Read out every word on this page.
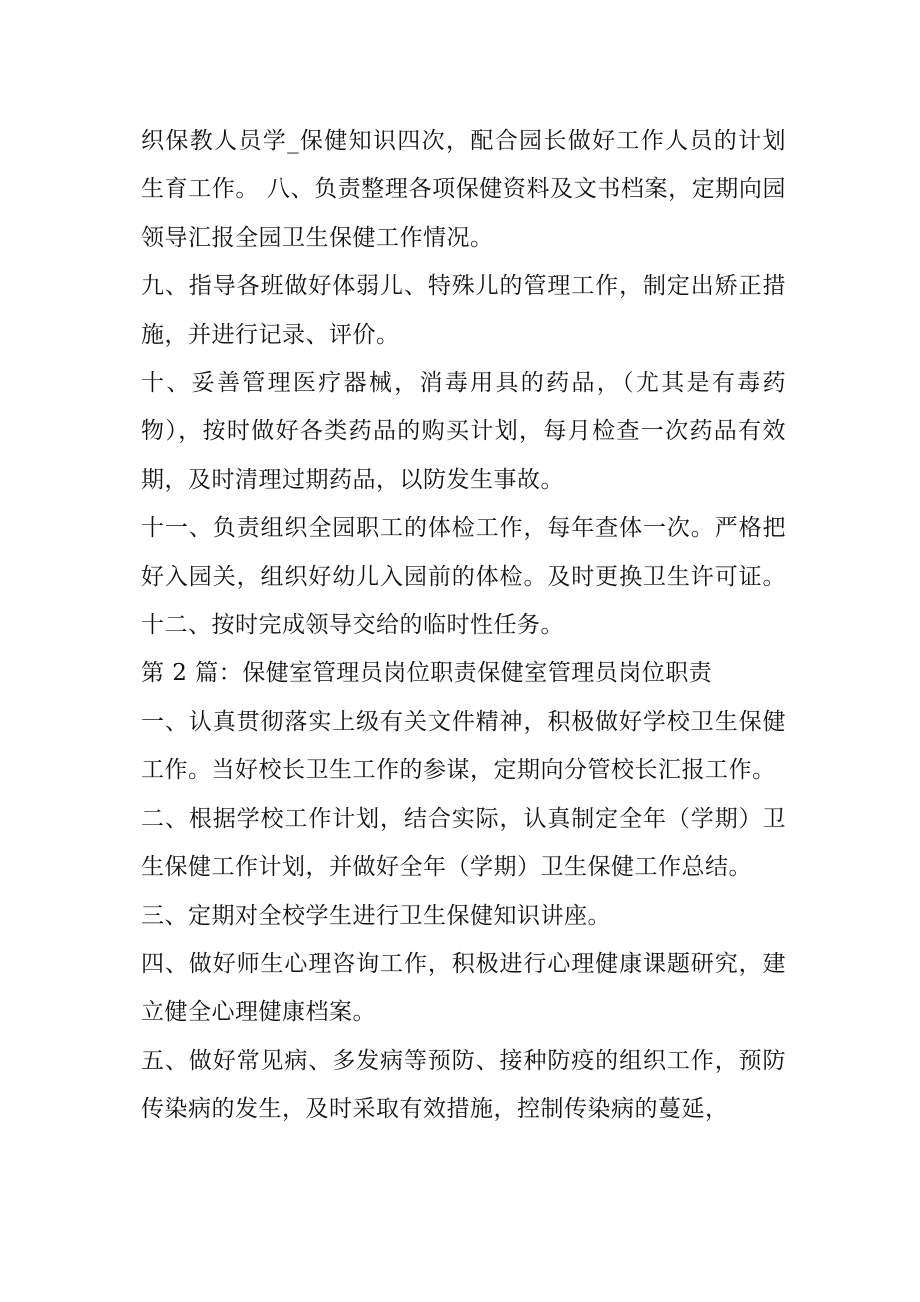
织保教人员学_保健知识四次，配合园长做好工作人员的计划生育工作。 八、负责整理各项保健资料及文书档案，定期向园领导汇报全园卫生保健工作情况。

九、指导各班做好体弱儿、特殊儿的管理工作，制定出矫正措施，并进行记录、评价。

十、妥善管理医疗器械，消毒用具的药品，（尤其是有毒药物），按时做好各类药品的购买计划，每月检查一次药品有效期，及时清理过期药品，以防发生事故。

十一、负责组织全园职工的体检工作，每年查体一次。严格把好入园关，组织好幼儿入园前的体检。及时更换卫生许可证。 十二、按时完成领导交给的临时性任务。

第 2 篇：保健室管理员岗位职责保健室管理员岗位职责

一、认真贯彻落实上级有关文件精神，积极做好学校卫生保健工作。当好校长卫生工作的参谋，定期向分管校长汇报工作。

二、根据学校工作计划，结合实际，认真制定全年（学期）卫生保健工作计划，并做好全年（学期）卫生保健工作总结。

三、定期对全校学生进行卫生保健知识讲座。

四、做好师生心理咨询工作，积极进行心理健康课题研究，建立健全心理健康档案。

五、做好常见病、多发病等预防、接种防疫的组织工作，预防传染病的发生，及时采取有效措施，控制传染病的蔓延，
